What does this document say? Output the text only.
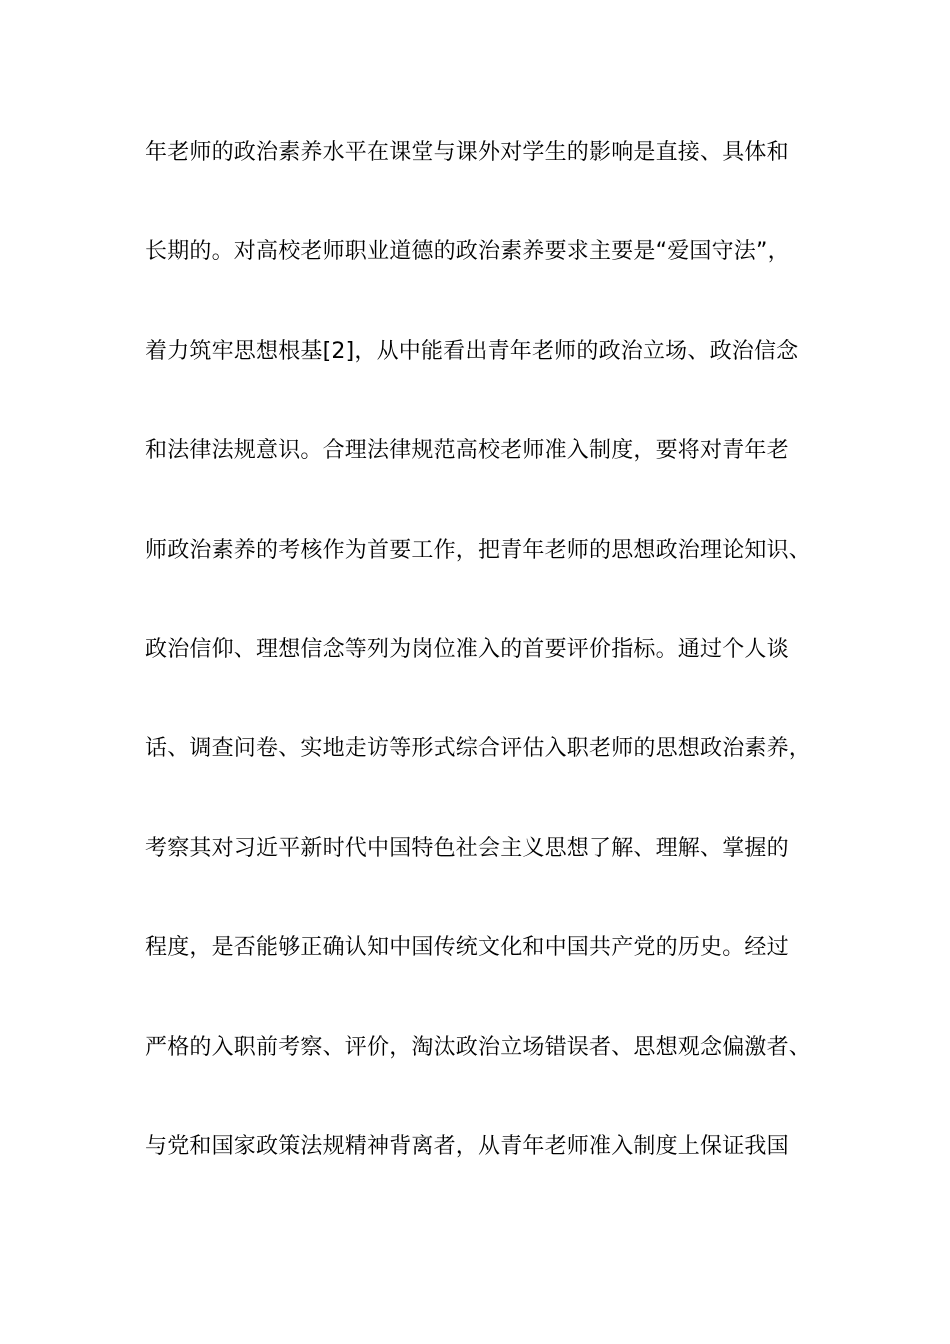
年老师的政治素养水平在课堂与课外对学生的影响是直接、具体和
长期的。对高校老师职业道德的政治素养要求主要是“爱国守法”，
着力筑牢思想根基[2]，从中能看出青年老师的政治立场、政治信念
和法律法规意识。合理法律规范高校老师准入制度，要将对青年老
师政治素养的考核作为首要工作，把青年老师的思想政治理论知识、
政治信仰、理想信念等列为岗位准入的首要评价指标。通过个人谈
话、调查问卷、实地走访等形式综合评估入职老师的思想政治素养，
考察其对习近平新时代中国特色社会主义思想了解、理解、掌握的
程度，是否能够正确认知中国传统文化和中国共产党的历史。经过
严格的入职前考察、评价，淘汰政治立场错误者、思想观念偏激者、
与党和国家政策法规精神背离者，从青年老师准入制度上保证我国
